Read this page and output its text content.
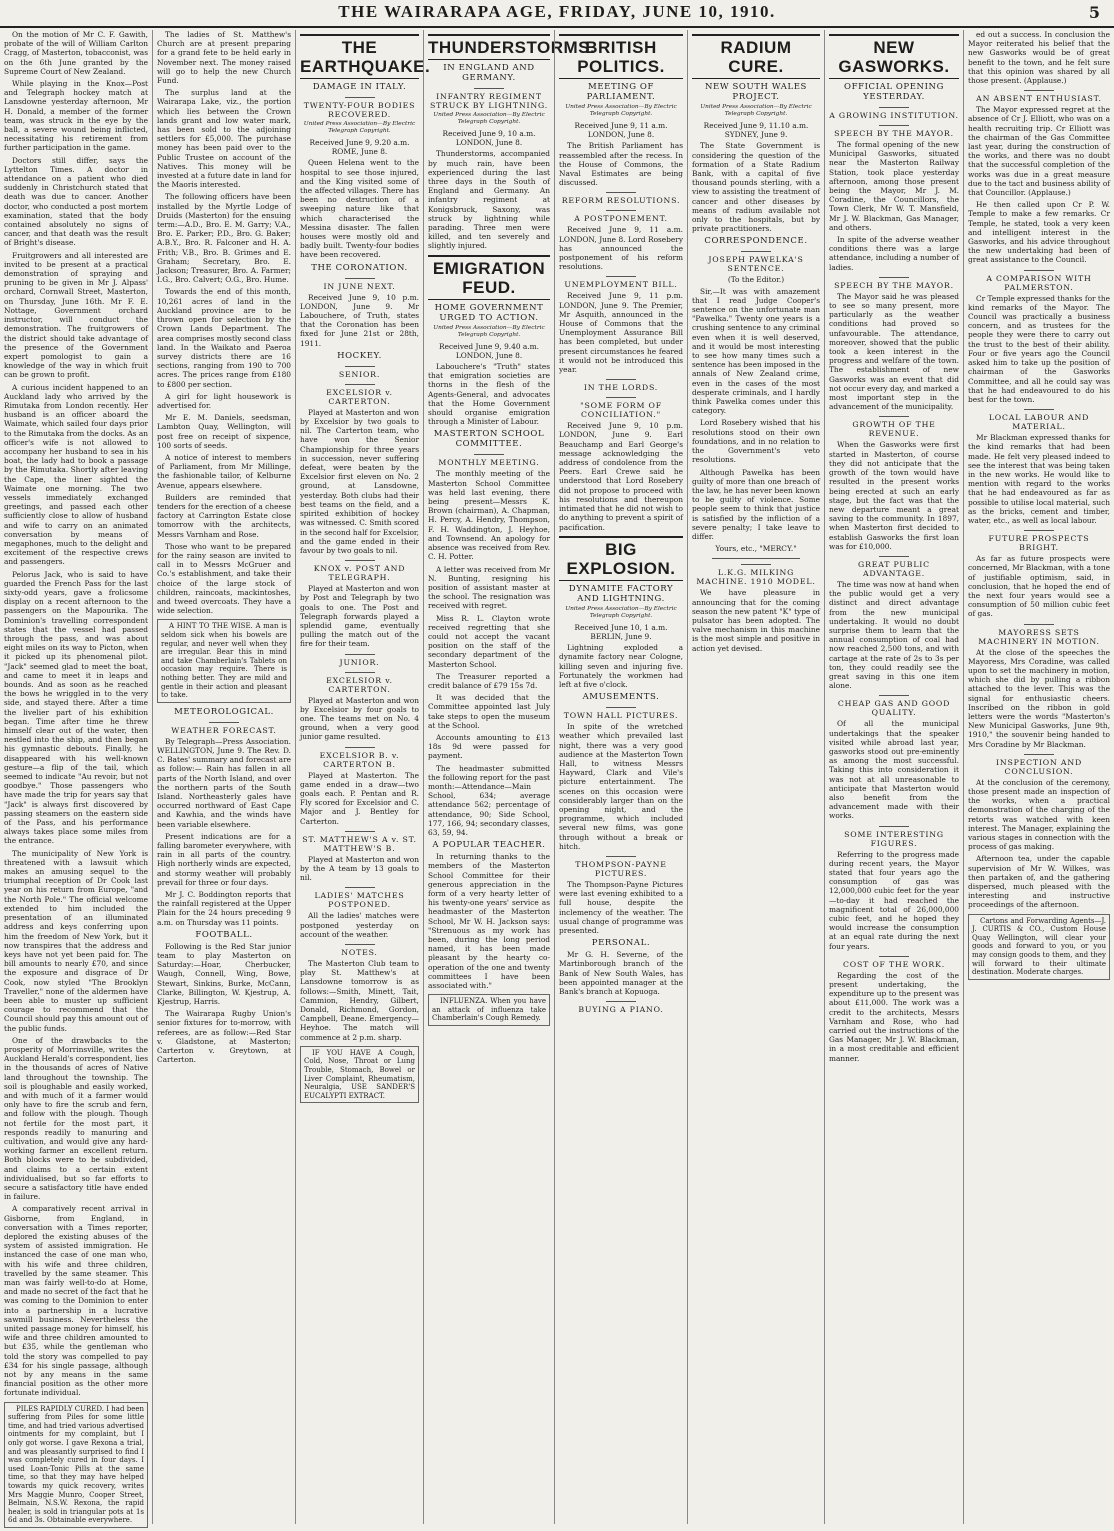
THE WAIRARAPA AGE, FRIDAY, JUNE 10, 1910.	5

On the motion of Mr C. F. Gawith, probate of the will of William Carlton Cragg, of Masterton, tobacconist, was on the 6th June granted by the Supreme Court of New Zealand.

While playing in the Knox—Post and Telegraph hockey match at Lansdowne yesterday afternoon, Mr H. Donald, a member of the former team, was struck in the eye by the ball, a severe wound being inflicted, necessitating his retirement from further participation in the game.

Doctors still differ, says the Lyttelton Times. A doctor in attendance on a patient who died suddenly in Christchurch stated that death was due to cancer. Another doctor, who conducted a post mortem examination, stated that the body contained absolutely no signs of cancer, and that death was the result of Bright's disease.

Fruitgrowers and all interested are invited to be present at a practical demonstration of spraying and pruning to be given in Mr J. Alpass' orchard, Cornwall Street, Masterton, on Thursday, June 16th. Mr F. E. Nottage, Government orchard instructor, will conduct the demonstration. The fruitgrowers of the district should take advantage of the presence of the Government expert pomologist to gain a knowledge of the way in which fruit can be grown to profit.

A curious incident happened to an Auckland lady who arrived by the Rimutaka from London recently. Her husband is an officer aboard the Waimate, which sailed four days prior to the Rimutaka from the docks. As an officer's wife is not allowed to accompany her husband to sea in his boat, the lady had to book a passage by the Rimutaka. Shortly after leaving the Cape, the liner sighted the Waimate one morning. The two vessels immediately exchanged greetings, and passed each other sufficiently close to allow of husband and wife to carry on an animated conversation by means of megaphones, much to the delight and excitement of the respective crews and passengers.

Pelorus Jack, who is said to have guarded the French Pass for the last sixty-odd years, gave a frolicsome display on a recent afternoon to the passengers on the Mapourika. The Dominion's travelling correspondent states that the vessel had passed through the pass, and was about eight miles on its way to Picton, when it picked up its phenomenal pilot. "Jack" seemed glad to meet the boat, and came to meet it in leaps and bounds. And as soon as he reached the bows he wriggled in to the very side, and stayed there. After a time the livelier part of his exhibition began. Time after time he threw himself clear out of the water, then nestled into the ship, and then began his gymnastic debouts. Finally, he disappeared with his well-known gesture—a flip of the tail, which seemed to indicate "Au revoir, but not goodbye." Those passengers who have made the trip for years say that "Jack" is always first discovered by passing steamers on the eastern side of the Pass, and his performance always takes place some miles from the entrance.

The municipality of New York is threatened with a lawsuit which makes an amusing sequel to the triumphal reception of Dr Cook last year on his return from Europe, "and the North Pole." The official welcome extended to him included the presentation of an illuminated address and keys conferring upon him the freedom of New York, but it now transpires that the address and keys have not yet been paid for. The bill amounts to nearly £70, and since the exposure and disgrace of Dr Cook, now styled "The Brooklyn Traveller," none of the aldermen have been able to muster up sufficient courage to recommend that the Council should pay this amount out of the public funds.

One of the drawbacks to the prosperity of Morrinsville, writes the Auckland Herald's correspondent, lies in the thousands of acres of Native land throughout the township. The soil is ploughable and easily worked, and with much of it a farmer would only have to fire the scrub and fern, and follow with the plough. Though not fertile for the most part, it responds readily to manuring and cultivation, and would give any hard-working farmer an excellent return. Both blocks were to be subdivided, and claims to a certain extent individualised, but so far efforts to secure a satisfactory title have ended in failure.

A comparatively recent arrival in Gisborne, from England, in conversation with a Times reporter, deplored the existing abuses of the system of assisted immigration. He instanced the case of one man who, with his wife and three children, travelled by the same steamer. This man was fairly well-to-do at Home, and made no secret of the fact that he was coming to the Dominion to enter into a partnership in a lucrative sawmill business. Nevertheless the united passage money for himself, his wife and three children amounted to but £35, while the gentleman who told the story was compelled to pay £34 for his single passage, although not by any means in the same financial position as the other more fortunate individual.

PILES RAPIDLY CURED. I had been suffering from Piles for some little time, and had tried various advertised ointments for my complaint, but I only got worse. I gave Rexona a trial, and was pleasantly surprised to find I was completely cured in four days. I used Loan-Tonic Pills at the same time, so that they may have helped towards my quick recovery, writes Mrs Maggie Munro, Cooper Street, Belmain, N.S.W. Rexona, the rapid healer, is sold in triangular pots at 1s 6d and 3s. Obtainable everywhere.

The ladies of St. Matthew's Church are at present preparing for a grand fete to be held early in November next. The money raised will go to help the new Church Fund.

The surplus land at the Wairarapa Lake, viz., the portion which lies between the Crown lands grant and low water mark, has been sold to the adjoining settlers for £5,000. The purchase money has been paid over to the Public Trustee on account of the Natives. This money will be invested at a future date in land for the Maoris interested.

The following officers have been installed by the Myrtle Lodge of Druids (Masterton) for the ensuing term:—A.D., Bro. E. M. Garry; V.A., Bro. E. Parker; P.D., Bro. G. Baker; A.B.Y., Bro. R. Falconer and H. A. Frith; V.B., Bro. B. Grimes and E. Graham; Secretary, Bro. E. Jackson; Treasurer, Bro. A. Farmer; I.G., Bro. Calvert; O.G., Bro. Hume.

Towards the end of this month, 10,261 acres of land in the Auckland province are to be thrown open for selection by the Crown Lands Department. The area comprises mostly second class land. In the Waikato and Paeroa survey districts there are 16 sections, ranging from 190 to 700 acres. The prices range from £180 to £800 per section.

A girl for light housework is advertised for.

Mr E. M. Daniels, seedsman, Lambton Quay, Wellington, will post free on receipt of sixpence, 100 sorts of seeds.

A notice of interest to members of Parliament, from Mr Millinge, the fashionable tailor, of Kelburne Avenue, appears elsewhere.

Builders are reminded that tenders for the erection of a cheese factory at Carrington Estate close tomorrow with the architects, Messrs Varnham and Rose.

Those who want to be prepared for the rainy season are invited to call in to Messrs McGruer and Co.'s establishment, and take their choice of the large stock of children, raincoats, mackintoshes, and tweed overcoats. They have a wide selection.

A HINT TO THE WISE. A man is seldom sick when his bowels are regular, and never well when they are irregular. Bear this in mind and take Chamberlain's Tablets on occasion may require. There is nothing better. They are mild and gentle in their action and pleasant to take.

METEOROLOGICAL.
WEATHER FORECAST.

By Telegraph—Press Association. WELLINGTON, June 9. The Rev. D. C. Bates' summary and forecast are as follow:— Rain has fallen in all parts of the North Island, and over the northern parts of the South Island. Northeasterly gales have occurred northward of East Cape and Kawhia, and the winds have been variable elsewhere.

Present indications are for a falling barometer everywhere, with rain in all parts of the country. High northerly winds are expected, and stormy weather will probably prevail for three or four days.

Mr J. C. Boddington reports that the rainfall registered at the Upper Plain for the 24 hours preceding 9 a.m. on Thursday was 11 points.

FOOTBALL.

Following is the Red Star junior team to play Masterton on Saturday:—Hoar, Cherbucker, Waugh, Connell, Wing, Bowe, Stewart, Sinkins, Burke, McCann, Clarke, Billington, W. Kjestrup, A. Kjestrup, Harris.

The Wairarapa Rugby Union's senior fixtures for to-morrow, with referees, are as follow:—Red Star v. Gladstone, at Masterton; Carterton v. Greytown, at Carterton.

THE EARTHQUAKE.
DAMAGE IN ITALY.
TWENTY-FOUR BODIES RECOVERED.
United Press Association—By Electric Telegraph Copyright.
Received June 9, 9.20 a.m. ROME, June 8.

Queen Helena went to the hospital to see those injured, and the King visited some of the affected villages. There has been no destruction of a sweeping nature like that which characterised the Messina disaster. The fallen houses were mostly old and badly built. Twenty-four bodies have been recovered.

THE CORONATION.
IN JUNE NEXT.

Received June 9, 10 p.m. LONDON, June 9. Mr Labouchere, of Truth, states that the Coronation has been fixed for June 21st or 28th, 1911.

HOCKEY.
SENIOR.
EXCELSIOR v. CARTERTON.

Played at Masterton and won by Excelsior by two goals to nil. The Carterton team, who have won the Senior Championship for three years in succession, never suffering defeat, were beaten by the Excelsior first eleven on No. 2 ground, at Lansdowne, yesterday. Both clubs had their best teams on the field, and a spirited exhibition of hockey was witnessed. C. Smith scored in the second half for Excelsior, and the game ended in their favour by two goals to nil.

KNOX v. POST AND TELEGRAPH.

Played at Masterton and won by Post and Telegraph by two goals to one. The Post and Telegraph forwards played a splendid game, eventually pulling the match out of the fire for their team.

JUNIOR.
EXCELSIOR v. CARTERTON.

Played at Masterton and won by Excelsior by four goals to one. The teams met on No. 4 ground, when a very good junior game resulted.

EXCELSIOR B. v. CARTERTON B.

Played at Masterton. The game ended in a draw—two goals each. P. Pentan and R. Fly scored for Excelsior and C. Major and J. Bentley for Carterton.

ST. MATTHEW'S A v. ST. MATTHEW'S B.

Played at Masterton and won by the A team by 13 goals to nil.

LADIES' MATCHES POSTPONED.

All the ladies' matches were postponed yesterday on account of the weather.

NOTES.

The Masterton Club team to play St. Matthew's at Lansdowne tomorrow is as follows:—Smith, Minett, Tait, Cammion, Hendry, Gilbert, Donald, Richmond, Gordon, Campbell, Deane. Emergency—Heyhoe. The match will commence at 2 p.m. sharp.

IF YOU HAVE A Cough, Cold, Nose, Throat or Lung Trouble, Stomach, Bowel or Liver Complaint, Rheumatism, Neuralgia, USE SANDER'S EUCALYPTI EXTRACT.

THUNDERSTORMS.
IN ENGLAND AND GERMANY.
INFANTRY REGIMENT STRUCK BY LIGHTNING.
United Press Association—By Electric Telegraph Copyright.
Received June 9, 10 a.m. LONDON, June 8.

Thunderstorms, accompanied by much rain, have been experienced during the last three days in the South of England and Germany. An infantry regiment at Konigsbruck, Saxony, was struck by lightning while parading. Three men were killed, and ten severely and slightly injured.

EMIGRATION FEUD.
HOME GOVERNMENT URGED TO ACTION.
United Press Association—By Electric Telegraph Copyright.
Received June 9, 9.40 a.m. LONDON, June 8.

Labouchere's "Truth" states that emigration societies are thorns in the flesh of the Agents-General, and advocates that the Home Government should organise emigration through a Minister of Labour.

MASTERTON SCHOOL COMMITTEE.
MONTHLY MEETING.

The monthly meeting of the Masterton School Committee was held last evening, there being present—Messrs K. Brown (chairman), A. Chapman, H. Percy, A. Hendry, Thompson, F. H. Waddington, J. Heyhoe, and Townsend. An apology for absence was received from Rev. C. H. Potter.

A letter was received from Mr N. Bunting, resigning his position of assistant master at the school. The resignation was received with regret.

Miss R. L. Clayton wrote received regretting that she could not accept the vacant position on the staff of the secondary department of the Masterton School.

The Treasurer reported a credit balance of £79 15s 7d.

It was decided that the Committee appointed last July take steps to open the museum at the School.

Accounts amounting to £13 18s 9d were passed for payment.

The headmaster submitted the following report for the past month:—Attendance—Main School, 634; average attendance 562; percentage of attendance, 90; Side School, 177, 166, 94; secondary classes, 63, 59, 94.

A POPULAR TEACHER.

In returning thanks to the members of the Masterton School Committee for their generous appreciation in the form of a very hearty letter of his twenty-one years' service as headmaster of the Masterton School, Mr W. H. Jackson says: "Strenuous as my work has been, during the long period named, it has been made pleasant by the hearty co-operation of the one and twenty committees I have been associated with."

INFLUENZA. When you have an attack of influenza take Chamberlain's Cough Remedy.

BRITISH POLITICS.
MEETING OF PARLIAMENT.
United Press Association—By Electric Telegraph Copyright.
Received June 9, 11 a.m. LONDON, June 8.

The British Parliament has reassembled after the recess. In the House of Commons, the Naval Estimates are being discussed.

REFORM RESOLUTIONS.
A POSTPONEMENT.

Received June 9, 11 a.m. LONDON, June 8. Lord Rosebery has announced the postponement of his reform resolutions.

UNEMPLOYMENT BILL.

Received June 9, 11 p.m. LONDON, June 9. The Premier, Mr Asquith, announced in the House of Commons that the Unemployment Assurance Bill has been completed, but under present circumstances he feared it would not be introduced this year.

IN THE LORDS.
"SOME FORM OF CONCILIATION."

Received June 9, 10 p.m. LONDON, June 9. Earl Beauchamp and Earl George's message acknowledging the address of condolence from the Peers. Earl Crewe said he understood that Lord Rosebery did not propose to proceed with his resolutions and thereupon intimated that he did not wish to do anything to prevent a spirit of pacification.

BIG EXPLOSION.
DYNAMITE FACTORY AND LIGHTNING.
United Press Association—By Electric Telegraph Copyright.
Received June 10, 1 a.m. BERLIN, June 9.

Lightning exploded a dynamite factory near Cologne, killing seven and injuring five. Fortunately the workmen had left at five o'clock.

AMUSEMENTS.
TOWN HALL PICTURES.

In spite of the wretched weather which prevailed last night, there was a very good audience at the Masterton Town Hall, to witness Messrs Hayward, Clark and Vile's picture entertainment. The scenes on this occasion were considerably larger than on the opening night, and the programme, which included several new films, was gone through without a break or hitch.

THOMPSON-PAYNE PICTURES.

The Thompson-Payne Pictures were last evening exhibited to a full house, despite the inclemency of the weather. The usual change of programme was presented.

PERSONAL.

Mr G. H. Severne, of the Martinborough branch of the Bank of New South Wales, has been appointed manager at the Bank's branch at Kopuoga.

BUYING A PIANO.
RADIUM CURE.
NEW SOUTH WALES PROJECT.
United Press Association—By Electric Telegraph Copyright.
Received June 9, 11.10 a.m. SYDNEY, June 9.

The State Government is considering the question of the formation of a State Radium Bank, with a capital of five thousand pounds sterling, with a view to assisting the treatment of cancer and other diseases by means of radium available not only to the hospitals, but by private practitioners.

CORRESPONDENCE.
JOSEPH PAWELKA'S SENTENCE.
(To the Editor.)

Sir,—It was with amazement that I read Judge Cooper's sentence on the unfortunate man "Pawelka." Twenty one years is a crushing sentence to any criminal even when it is well deserved, and it would be most interesting to see how many times such a sentence has been imposed in the annals of New Zealand crime, even in the cases of the most desperate criminals, and I hardly think Pawelka comes under this category.

Lord Rosebery wished that his resolutions stood on their own foundations, and in no relation to the Government's veto resolutions.

Although Pawelka has been guilty of more than one breach of the law, he has never been known to be guilty of violence. Some people seem to think that justice is satisfied by the infliction of a severe penalty; I take leave to differ.

Yours, etc., "MERCY."
L.K.G. MILKING MACHINE. 1910 MODEL.

We have pleasure in announcing that for the coming season the new patent "K" type of pulsator has been adopted. The valve mechanism in this machine is the most simple and positive in action yet devised.

NEW GASWORKS.
OFFICIAL OPENING YESTERDAY.
A GROWING INSTITUTION.
SPEECH BY THE MAYOR.

The formal opening of the new Municipal Gasworks, situated near the Masterton Railway Station, took place yesterday afternoon, among those present being the Mayor, Mr J. M. Coradine, the Councillors, the Town Clerk, Mr W. T. Mansfield, Mr J. W. Blackman, Gas Manager, and others.

In spite of the adverse weather conditions there was a large attendance, including a number of ladies.

SPEECH BY THE MAYOR.

The Mayor said he was pleased to see so many present, more particularly as the weather conditions had proved so unfavourable. The attendance, moreover, showed that the public took a keen interest in the progress and welfare of the town. The establishment of new Gasworks was an event that did not occur every day, and marked a most important step in the advancement of the municipality.

GROWTH OF THE REVENUE.

When the Gasworks were first started in Masterton, of course they did not anticipate that the growth of the town would have resulted in the present works being erected at such an early stage, but the fact was that the new departure meant a great saving to the community. In 1897, when Masterton first decided to establish Gasworks the first loan was for £10,000.

GREAT PUBLIC ADVANTAGE.

The time was now at hand when the public would get a very distinct and direct advantage from the new municipal undertaking. It would no doubt surprise them to learn that the annual consumption of coal had now reached 2,500 tons, and with cartage at the rate of 2s to 3s per ton, they could readily see the great saving in this one item alone.

CHEAP GAS AND GOOD QUALITY.

Of all the municipal undertakings that the speaker visited while abroad last year, gasworks stood out pre-eminently as among the most successful. Taking this into consideration it was not at all unreasonable to anticipate that Masterton would also benefit from the advancement made with their works.

SOME INTERESTING FIGURES.

Referring to the progress made during recent years, the Mayor stated that four years ago the consumption of gas was 12,000,000 cubic feet for the year—to-day it had reached the magnificent total of 26,000,000 cubic feet, and he hoped they would increase the consumption at an equal rate during the next four years.

COST OF THE WORK.

Regarding the cost of the present undertaking, the expenditure up to the present was about £11,000. The work was a credit to the architects, Messrs Varnham and Rose, who had carried out the instructions of the Gas Manager, Mr J. W. Blackman, in a most creditable and efficient manner.

ed out a success. In conclusion the Mayor reiterated his belief that the new Gasworks would be of great benefit to the town, and he felt sure that this opinion was shared by all those present. (Applause.)

AN ABSENT ENTHUSIAST.

The Mayor expressed regret at the absence of Cr J. Elliott, who was on a health recruiting trip. Cr Elliott was the chairman of the Gas Committee last year, during the construction of the works, and there was no doubt that the successful completion of the works was due in a great measure due to the tact and business ability of that Councillor. (Applause.)

He then called upon Cr P. W. Temple to make a few remarks. Cr Temple, he stated, took a very keen and intelligent interest in the Gasworks, and his advice throughout the new undertaking had been of great assistance to the Council.

A COMPARISON WITH PALMERSTON.

Cr Temple expressed thanks for the kind remarks of the Mayor. The Council was practically a business concern, and as trustees for the people they were there to carry out the trust to the best of their ability. Four or five years ago the Council asked him to take up the position of chairman of the Gasworks Committee, and all he could say was that he had endeavoured to do his best for the town.

LOCAL LABOUR AND MATERIAL.

Mr Blackman expressed thanks for the kind remarks that had been made. He felt very pleased indeed to see the interest that was being taken in the new works. He would like to mention with regard to the works that he had endeavoured as far as possible to utilise local material, such as the bricks, cement and timber, water, etc., as well as local labour.

FUTURE PROSPECTS BRIGHT.

As far as future prospects were concerned, Mr Blackman, with a tone of justifiable optimism, said, in conclusion, that he hoped the end of the next four years would see a consumption of 50 million cubic feet of gas.

MAYORESS SETS MACHINERY IN MOTION.

At the close of the speeches the Mayoress, Mrs Coradine, was called upon to set the machinery in motion, which she did by pulling a ribbon attached to the lever. This was the signal for enthusiastic cheers. Inscribed on the ribbon in gold letters were the words "Masterton's New Municipal Gasworks, June 9th, 1910," the souvenir being handed to Mrs Coradine by Mr Blackman.

INSPECTION AND CONCLUSION.

At the conclusion of the ceremony, those present made an inspection of the works, when a practical demonstration of the charging of the retorts was watched with keen interest. The Manager, explaining the various stages in connection with the process of gas making.

Afternoon tea, under the capable supervision of Mr W. Wilkes, was then partaken of, and the gathering dispersed, much pleased with the interesting and instructive proceedings of the afternoon.

Cartons and Forwarding Agents—J. J. CURTIS & CO., Custom House Quay Wellington, will clear your goods and forward to you, or you may consign goods to them, and they will forward to their ultimate destination. Moderate charges.
